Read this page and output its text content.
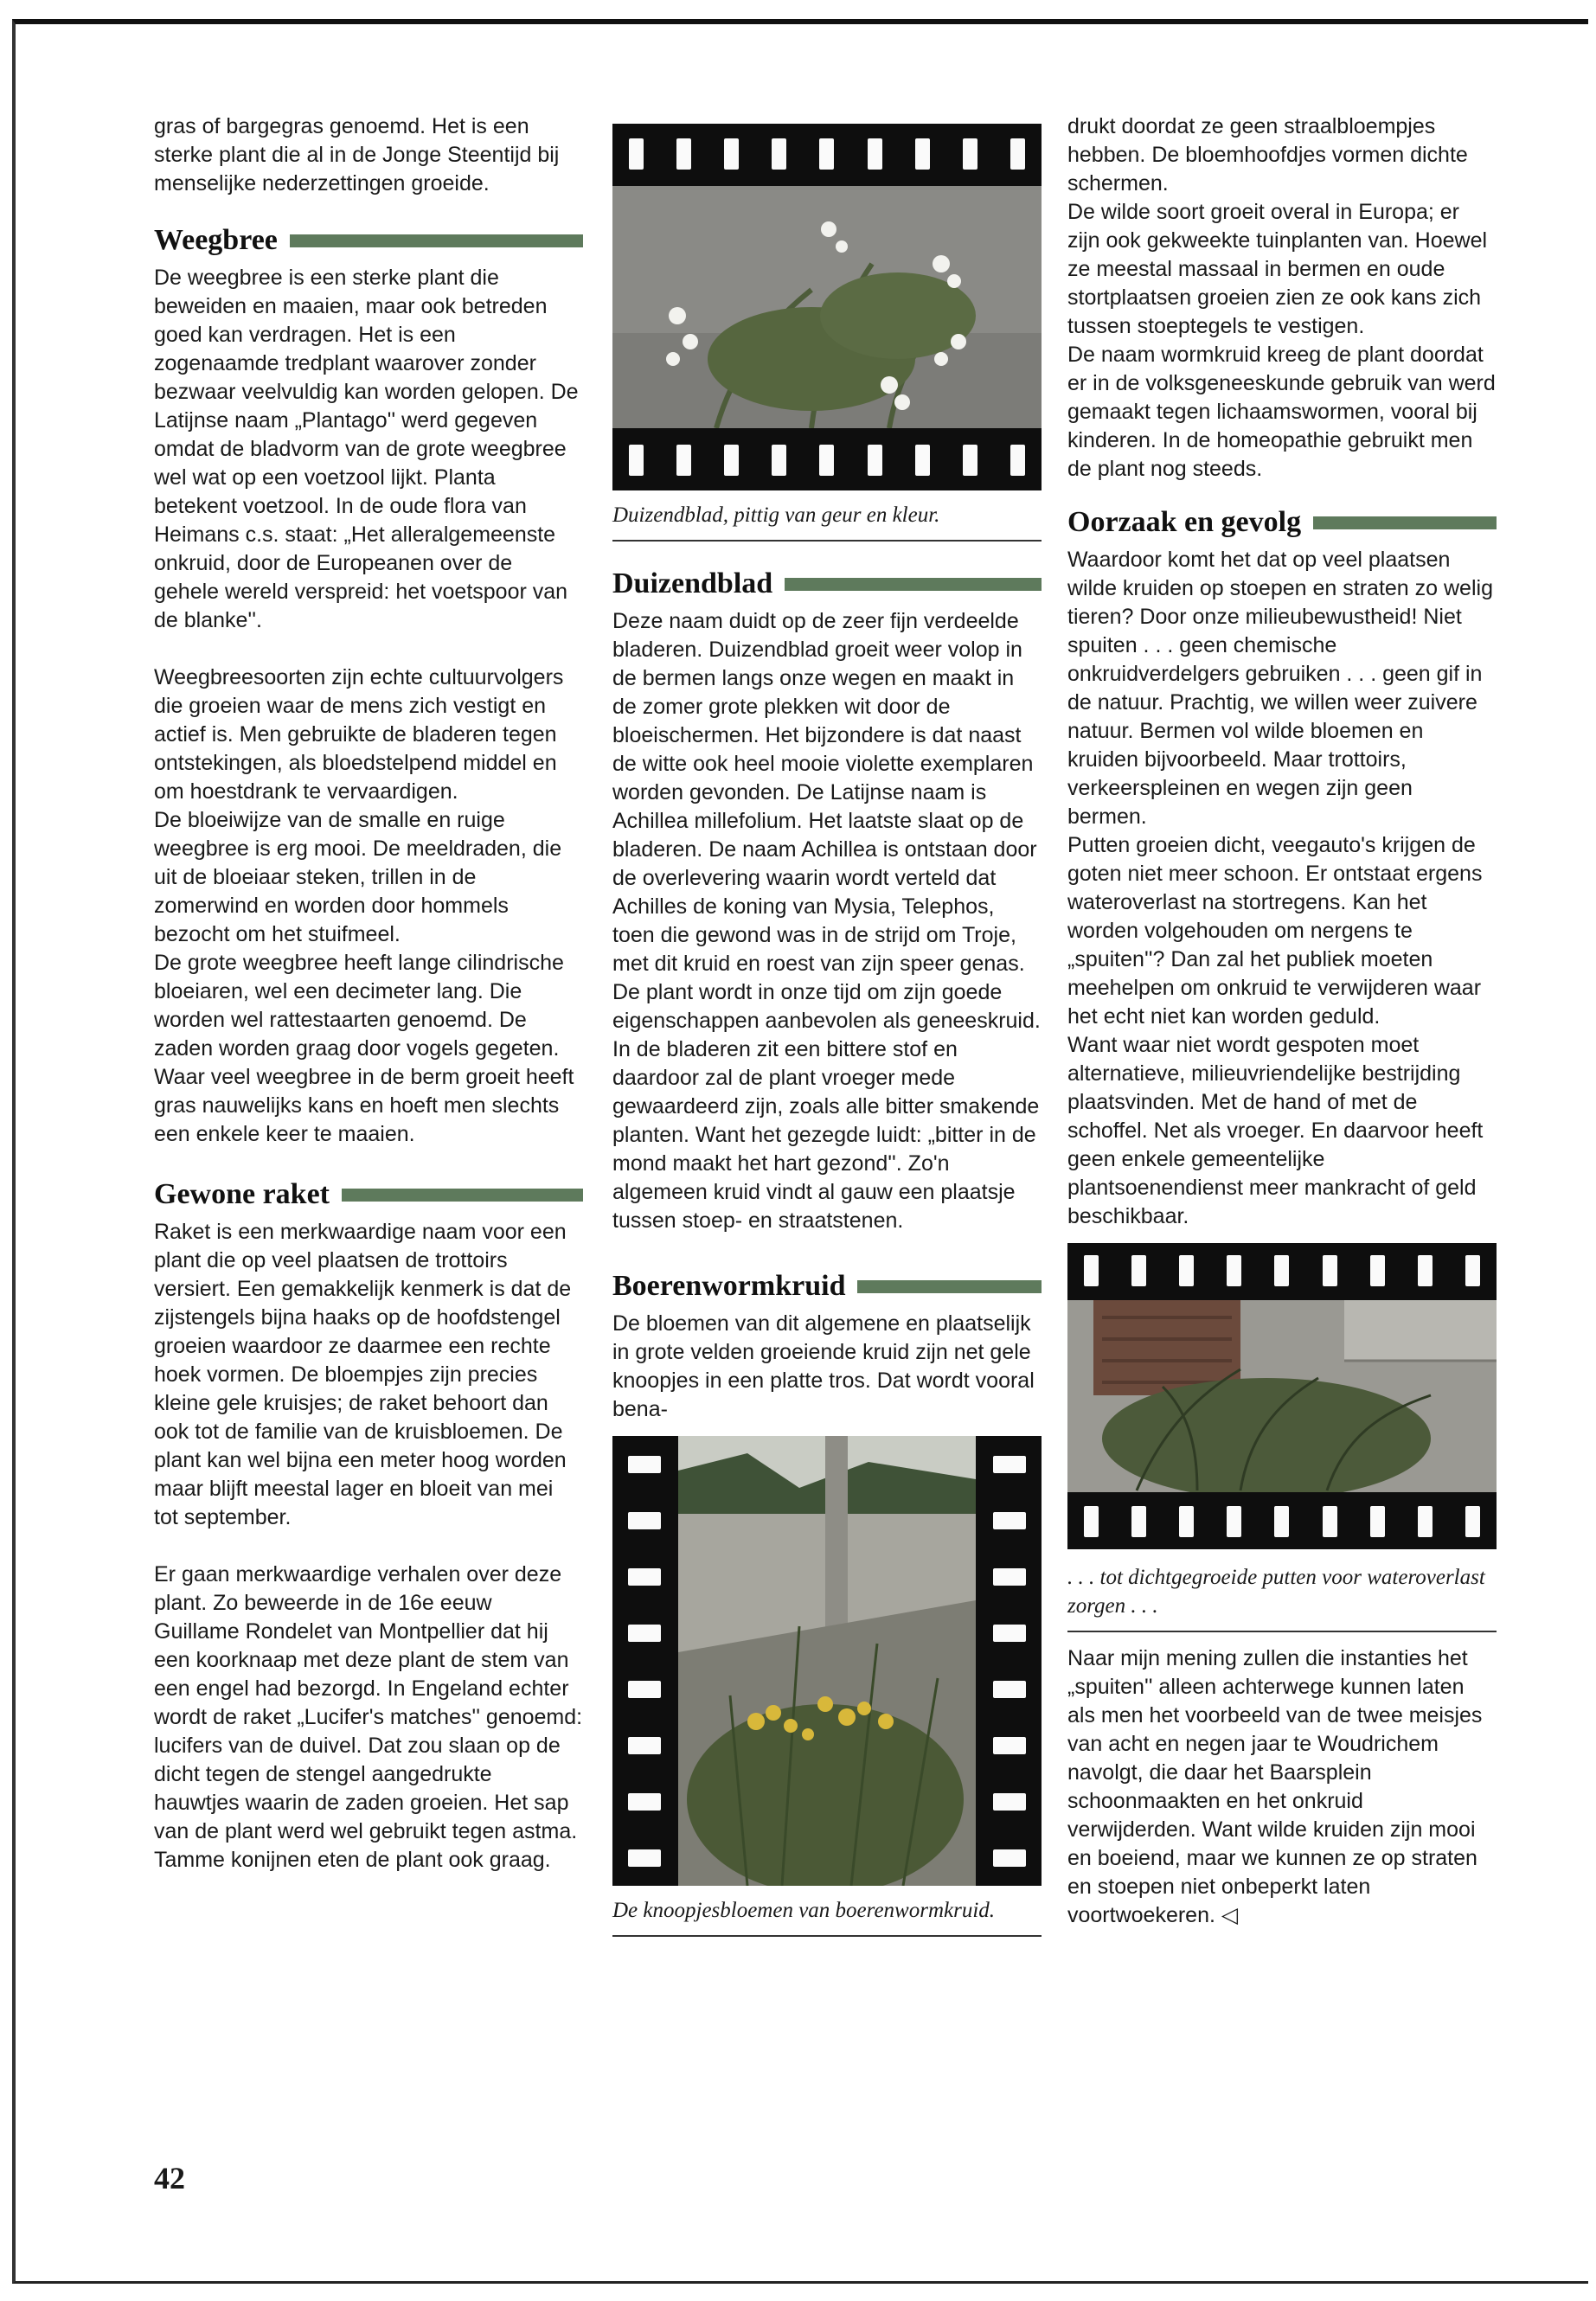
gras of bargegras genoemd. Het is een sterke plant die al in de Jonge Steentijd bij menselijke nederzettingen groeide.

Weegbree

De weegbree is een sterke plant die beweiden en maaien, maar ook betreden goed kan verdragen. Het is een zogenaamde tredplant waarover zonder bezwaar veelvuldig kan worden gelopen. De Latijnse naam „Plantago'' werd gegeven omdat de bladvorm van de grote weegbree wel wat op een voetzool lijkt. Planta betekent voetzool. In de oude flora van Heimans c.s. staat: „Het alleralgemeenste onkruid, door de Europeanen over de gehele wereld verspreid: het voetspoor van de blanke''.

Weegbreesoorten zijn echte cultuurvolgers die groeien waar de mens zich vestigt en actief is. Men gebruikte de bladeren tegen ontstekingen, als bloedstelpend middel en om hoestdrank te vervaardigen.

De bloeiwijze van de smalle en ruige weegbree is erg mooi. De meeldraden, die uit de bloeiaar steken, trillen in de zomerwind en worden door hommels bezocht om het stuifmeel.

De grote weegbree heeft lange cilindrische bloeiaren, wel een decimeter lang. Die worden wel rattestaarten genoemd. De zaden worden graag door vogels gegeten. Waar veel weegbree in de berm groeit heeft gras nauwelijks kans en hoeft men slechts een enkele keer te maaien.

Gewone raket

Raket is een merkwaardige naam voor een plant die op veel plaatsen de trottoirs versiert. Een gemakkelijk kenmerk is dat de zijstengels bijna haaks op de hoofdstengel groeien waardoor ze daarmee een rechte hoek vormen. De bloempjes zijn precies kleine gele kruisjes; de raket behoort dan ook tot de familie van de kruisbloemen. De plant kan wel bijna een meter hoog worden maar blijft meestal lager en bloeit van mei tot september.

Er gaan merkwaardige verhalen over deze plant. Zo beweerde in de 16e eeuw Guillame Rondelet van Montpellier dat hij een koorknaap met deze plant de stem van een engel had bezorgd. In Engeland echter wordt de raket „Lucifer's matches'' genoemd: lucifers van de duivel. Dat zou slaan op de dicht tegen de stengel aangedrukte hauwtjes waarin de zaden groeien. Het sap van de plant werd wel gebruikt tegen astma. Tamme konijnen eten de plant ook graag.

Duizendblad, pittig van geur en kleur.

Duizendblad

Deze naam duidt op de zeer fijn verdeelde bladeren. Duizendblad groeit weer volop in de bermen langs onze wegen en maakt in de zomer grote plekken wit door de bloeischermen. Het bijzondere is dat naast de witte ook heel mooie violette exemplaren worden gevonden. De Latijnse naam is Achillea millefolium. Het laatste slaat op de bladeren. De naam Achillea is ontstaan door de overlevering waarin wordt verteld dat Achilles de koning van Mysia, Telephos, toen die gewond was in de strijd om Troje, met dit kruid en roest van zijn speer genas.

De plant wordt in onze tijd om zijn goede eigenschappen aanbevolen als geneeskruid. In de bladeren zit een bittere stof en daardoor zal de plant vroeger mede gewaardeerd zijn, zoals alle bitter smakende planten. Want het gezegde luidt: „bitter in de mond maakt het hart gezond''. Zo'n algemeen kruid vindt al gauw een plaatsje tussen stoep- en straatstenen.

Boerenwormkruid

De bloemen van dit algemene en plaatselijk in grote velden groeiende kruid zijn net gele knoopjes in een platte tros. Dat wordt vooral bena-

De knoopjesbloemen van boerenwormkruid.

drukt doordat ze geen straalbloempjes hebben. De bloemhoofdjes vormen dichte schermen.

De wilde soort groeit overal in Europa; er zijn ook gekweekte tuinplanten van. Hoewel ze meestal massaal in bermen en oude stortplaatsen groeien zien ze ook kans zich tussen stoeptegels te vestigen.

De naam wormkruid kreeg de plant doordat er in de volksgeneeskunde gebruik van werd gemaakt tegen lichaamswormen, vooral bij kinderen. In de homeopathie gebruikt men de plant nog steeds.

Oorzaak en gevolg

Waardoor komt het dat op veel plaatsen wilde kruiden op stoepen en straten zo welig tieren? Door onze milieubewustheid! Niet spuiten . . . geen chemische onkruidverdelgers gebruiken . . . geen gif in de natuur. Prachtig, we willen weer zuivere natuur. Bermen vol wilde bloemen en kruiden bijvoorbeeld. Maar trottoirs, verkeerspleinen en wegen zijn geen bermen.

Putten groeien dicht, veegauto's krijgen de goten niet meer schoon. Er ontstaat ergens wateroverlast na stortregens. Kan het worden volgehouden om nergens te „spuiten''? Dan zal het publiek moeten meehelpen om onkruid te verwijderen waar het echt niet kan worden geduld.

Want waar niet wordt gespoten moet alternatieve, milieuvriendelijke bestrijding plaatsvinden. Met de hand of met de schoffel. Net als vroeger. En daarvoor heeft geen enkele gemeentelijke plantsoenendienst meer mankracht of geld beschikbaar.

. . . tot dichtgegroeide putten voor wateroverlast zorgen . . .

Naar mijn mening zullen die instanties het „spuiten'' alleen achterwege kunnen laten als men het voorbeeld van de twee meisjes van acht en negen jaar te Woudrichem navolgt, die daar het Baarsplein schoonmaakten en het onkruid verwijderden. Want wilde kruiden zijn mooi en boeiend, maar we kunnen ze op straten en stoepen niet onbeperkt laten voortwoekeren. ◁

42
